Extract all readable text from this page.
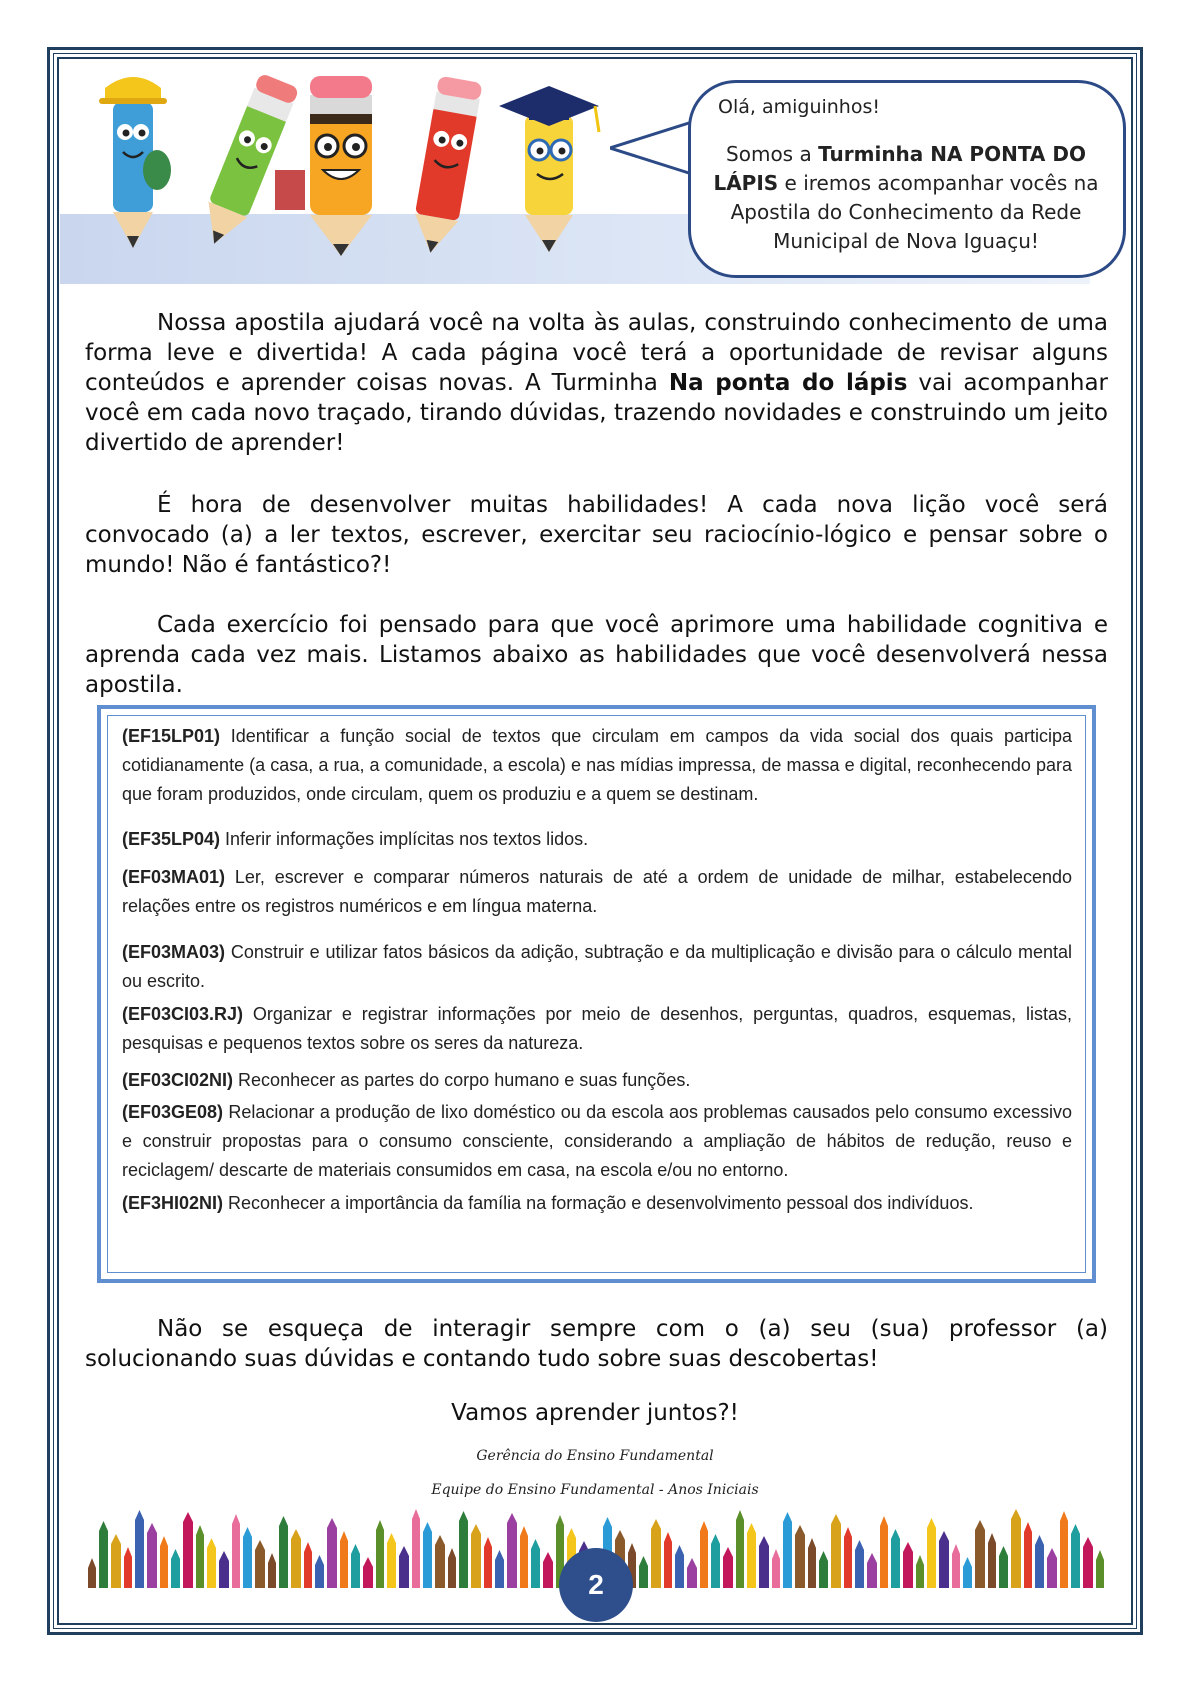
Olá, amiguinhos!
Somos a Turminha NA PONTA DO LÁPIS e iremos acompanhar vocês na Apostila do Conhecimento da Rede Municipal de Nova Iguaçu!
Nossa apostila ajudará você na volta às aulas, construindo conhecimento de uma forma leve e divertida! A cada página você terá a oportunidade de revisar alguns conteúdos e aprender coisas novas. A Turminha Na ponta do lápis vai acompanhar você em cada novo traçado, tirando dúvidas, trazendo novidades e construindo um jeito divertido de aprender!
É hora de desenvolver muitas habilidades! A cada nova lição você será convocado (a) a ler textos, escrever, exercitar seu raciocínio-lógico e pensar sobre o mundo! Não é fantástico?!
Cada exercício foi pensado para que você aprimore uma habilidade cognitiva e aprenda cada vez mais. Listamos abaixo as habilidades que você desenvolverá nessa apostila.
(EF15LP01) Identificar a função social de textos que circulam em campos da vida social dos quais participa cotidianamente (a casa, a rua, a comunidade, a escola) e nas mídias impressa, de massa e digital, reconhecendo para que foram produzidos, onde circulam, quem os produziu e a quem se destinam.
(EF35LP04) Inferir informações implícitas nos textos lidos.
(EF03MA01) Ler, escrever e comparar números naturais de até a ordem de unidade de milhar, estabelecendo relações entre os registros numéricos e em língua materna.
(EF03MA03) Construir e utilizar fatos básicos da adição, subtração e da multiplicação e divisão para o cálculo mental ou escrito.
(EF03CI03.RJ) Organizar e registrar informações por meio de desenhos, perguntas, quadros, esquemas, listas, pesquisas e pequenos textos sobre os seres da natureza.
(EF03CI02NI) Reconhecer as partes do corpo humano e suas funções.
(EF03GE08) Relacionar a produção de lixo doméstico ou da escola aos problemas causados pelo consumo excessivo e construir propostas para o consumo consciente, considerando a ampliação de hábitos de redução, reuso e reciclagem/ descarte de materiais consumidos em casa, na escola e/ou no entorno.
(EF3HI02NI) Reconhecer a importância da família na formação e desenvolvimento pessoal dos indivíduos.
Não se esqueça de interagir sempre com o (a) seu (sua) professor (a) solucionando suas dúvidas e contando tudo sobre suas descobertas!
Vamos aprender juntos?!
Gerência do Ensino Fundamental
Equipe do Ensino Fundamental - Anos Iniciais
2
